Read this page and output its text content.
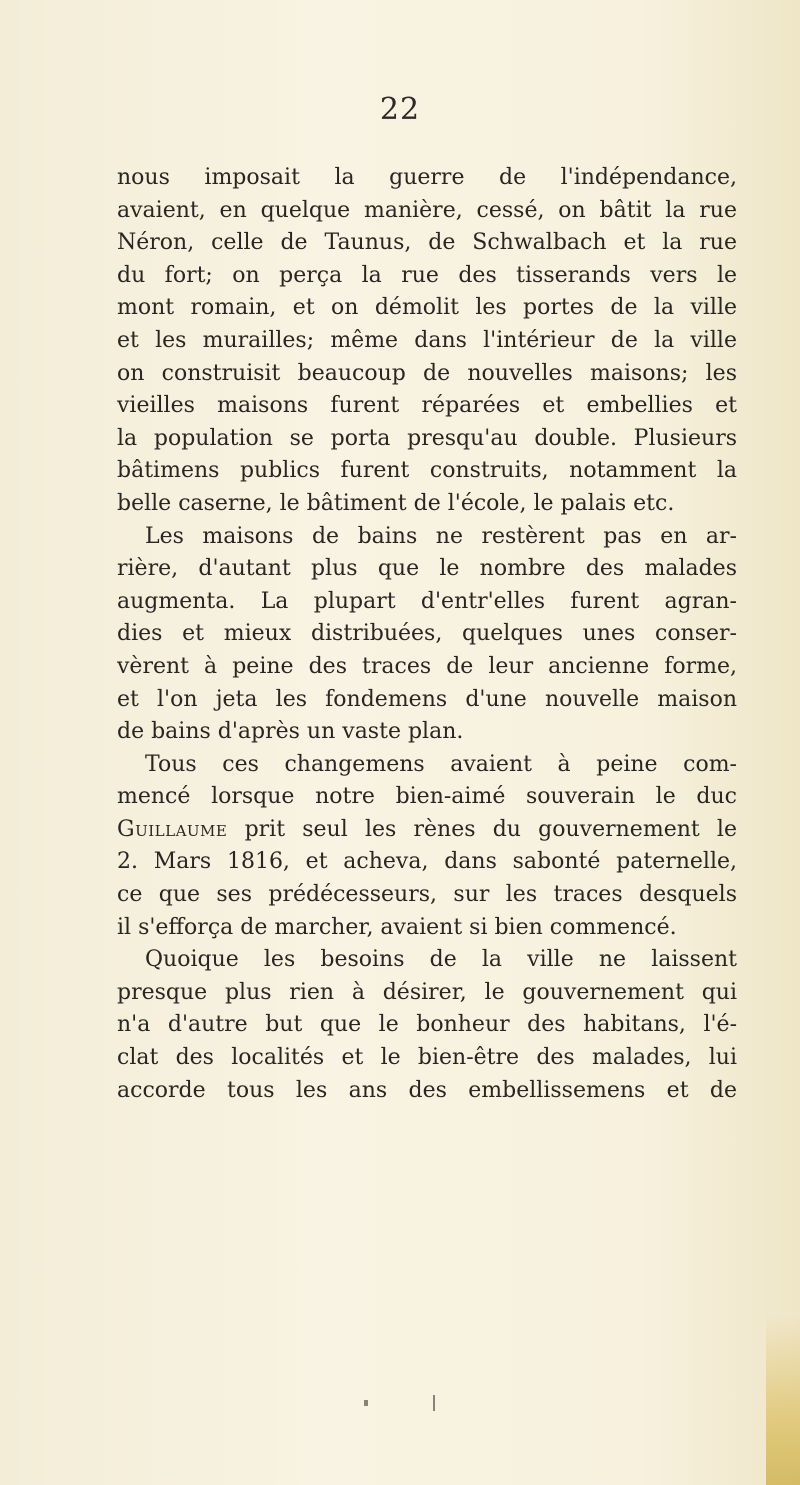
22
nous imposait la guerre de l'indépendance,
avaient, en quelque manière, cessé, on bâtit la rue
Néron, celle de Taunus, de Schwalbach et la rue
du fort; on perça la rue des tisserands vers le
mont romain, et on démolit les portes de la ville
et les murailles; même dans l'intérieur de la ville
on construisit beaucoup de nouvelles maisons; les
vieilles maisons furent réparées et embellies et
la population se porta presqu'au double. Plusieurs
bâtimens publics furent construits, notamment la
belle caserne, le bâtiment de l'école, le palais etc.
Les maisons de bains ne restèrent pas en ar-
rière, d'autant plus que le nombre des malades
augmenta. La plupart d'entr'elles furent agran-
dies et mieux distribuées, quelques unes conser-
vèrent à peine des traces de leur ancienne forme,
et l'on jeta les fondemens d'une nouvelle maison
de bains d'après un vaste plan.
Tous ces changemens avaient à peine com-
mencé lorsque notre bien-aimé souverain le duc
Guillaume prit seul les rènes du gouvernement le
2. Mars 1816, et acheva, dans sabonté paternelle,
ce que ses prédécesseurs, sur les traces desquels
il s'efforça de marcher, avaient si bien commencé.
Quoique les besoins de la ville ne laissent
presque plus rien à désirer, le gouvernement qui
n'a d'autre but que le bonheur des habitans, l'é-
clat des localités et le bien-être des malades, lui
accorde tous les ans des embellissemens et de
